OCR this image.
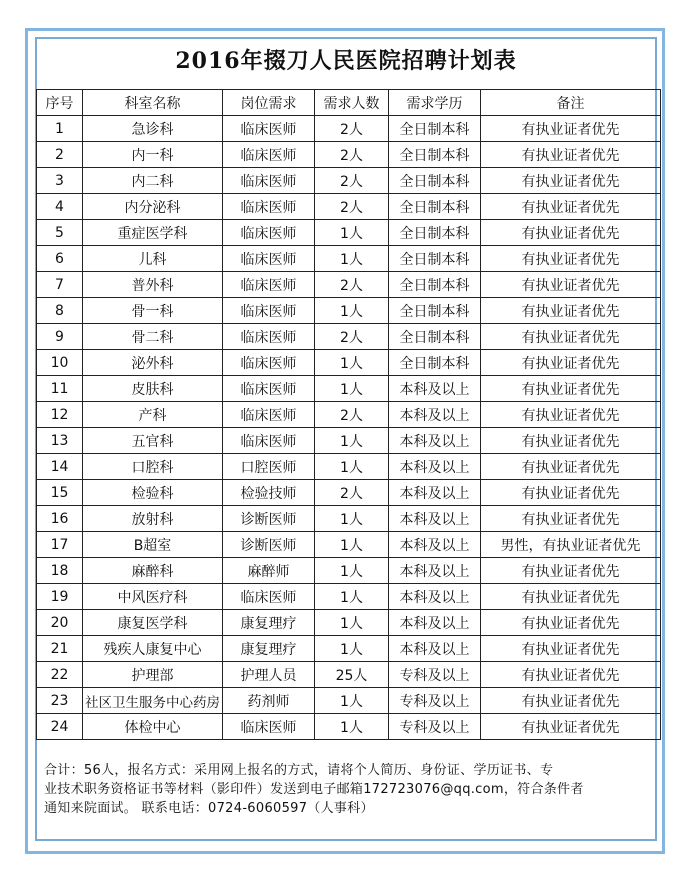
2016年掇刀人民医院招聘计划表
序号	科室名称	岗位需求	需求人数	需求学历	备注
1	急诊科	临床医师	2人	全日制本科	有执业证者优先
2	内一科	临床医师	2人	全日制本科	有执业证者优先
3	内二科	临床医师	2人	全日制本科	有执业证者优先
4	内分泌科	临床医师	2人	全日制本科	有执业证者优先
5	重症医学科	临床医师	1人	全日制本科	有执业证者优先
6	儿科	临床医师	1人	全日制本科	有执业证者优先
7	普外科	临床医师	2人	全日制本科	有执业证者优先
8	骨一科	临床医师	1人	全日制本科	有执业证者优先
9	骨二科	临床医师	2人	全日制本科	有执业证者优先
10	泌外科	临床医师	1人	全日制本科	有执业证者优先
11	皮肤科	临床医师	1人	本科及以上	有执业证者优先
12	产科	临床医师	2人	本科及以上	有执业证者优先
13	五官科	临床医师	1人	本科及以上	有执业证者优先
14	口腔科	口腔医师	1人	本科及以上	有执业证者优先
15	检验科	检验技师	2人	本科及以上	有执业证者优先
16	放射科	诊断医师	1人	本科及以上	有执业证者优先
17	B超室	诊断医师	1人	本科及以上	男性，有执业证者优先
18	麻醉科	麻醉师	1人	本科及以上	有执业证者优先
19	中风医疗科	临床医师	1人	本科及以上	有执业证者优先
20	康复医学科	康复理疗	1人	本科及以上	有执业证者优先
21	残疾人康复中心	康复理疗	1人	本科及以上	有执业证者优先
22	护理部	护理人员	25人	专科及以上	有执业证者优先
23	社区卫生服务中心药房	药剂师	1人	专科及以上	有执业证者优先
24	体检中心	临床医师	1人	专科及以上	有执业证者优先
合计：56人，报名方式：采用网上报名的方式，请将个人简历、身份证、学历证书、专
业技术职务资格证书等材料（影印件）发送到电子邮箱172723076@qq.com，符合条件者
通知来院面试。 联系电话：0724-6060597（人事科）
